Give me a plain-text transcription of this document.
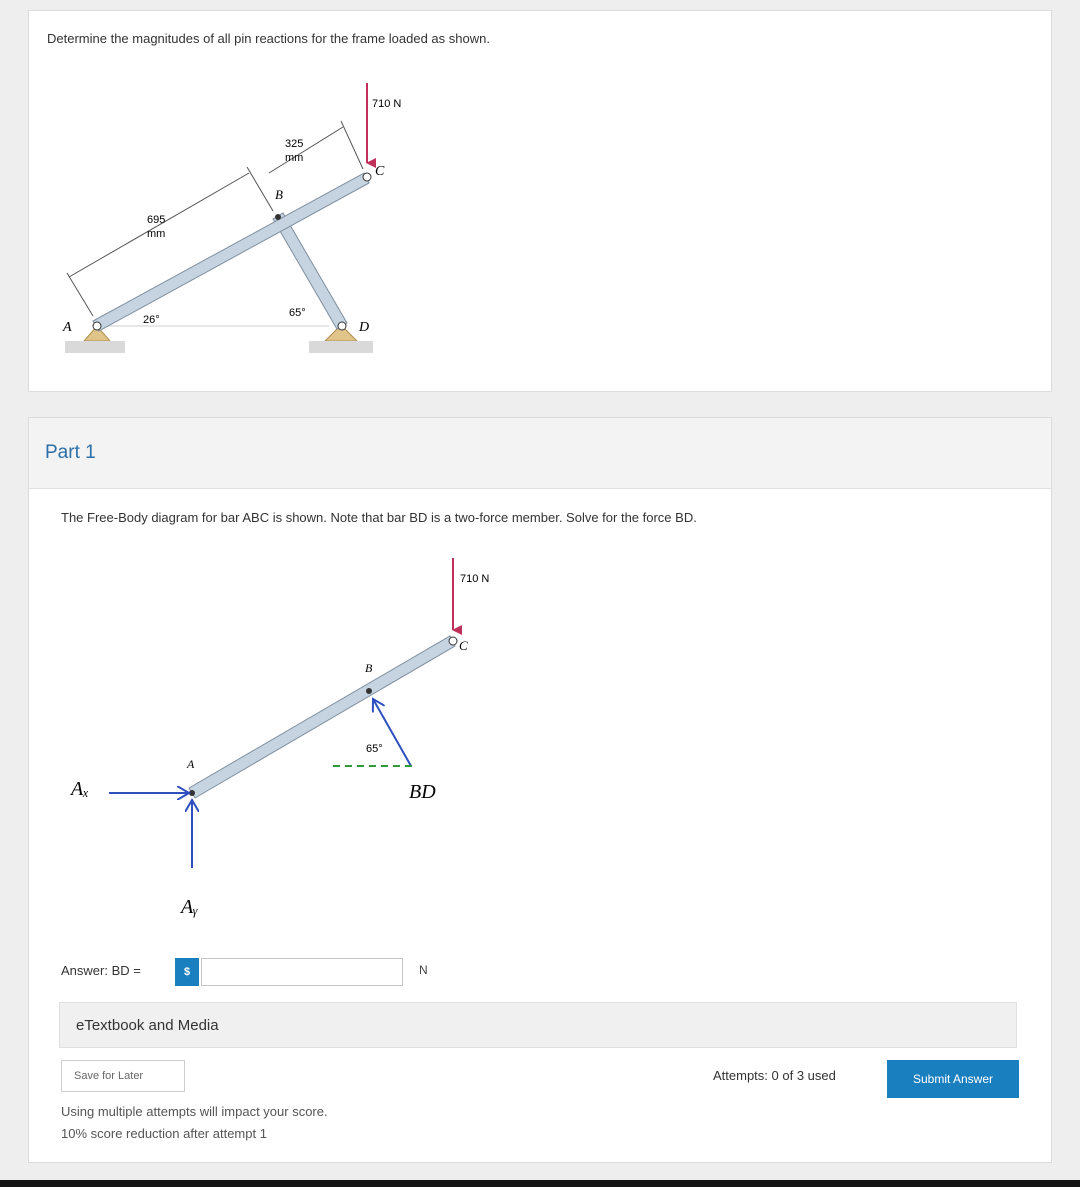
Determine the magnitudes of all pin reactions for the frame loaded as shown.
710 N
325
mm
695
mm
26°
65°
A
B
C
D
Part 1
The Free-Body diagram for bar ABC is shown. Note that bar BD is a two-force member. Solve for the force BD.
710 N
B
C
A
65°
Aₓ
Aᵧ
BD
Answer: BD =	$	N
eTextbook and Media
Save for Later	Attempts: 0 of 3 used	Submit Answer
Using multiple attempts will impact your score.
10% score reduction after attempt 1
